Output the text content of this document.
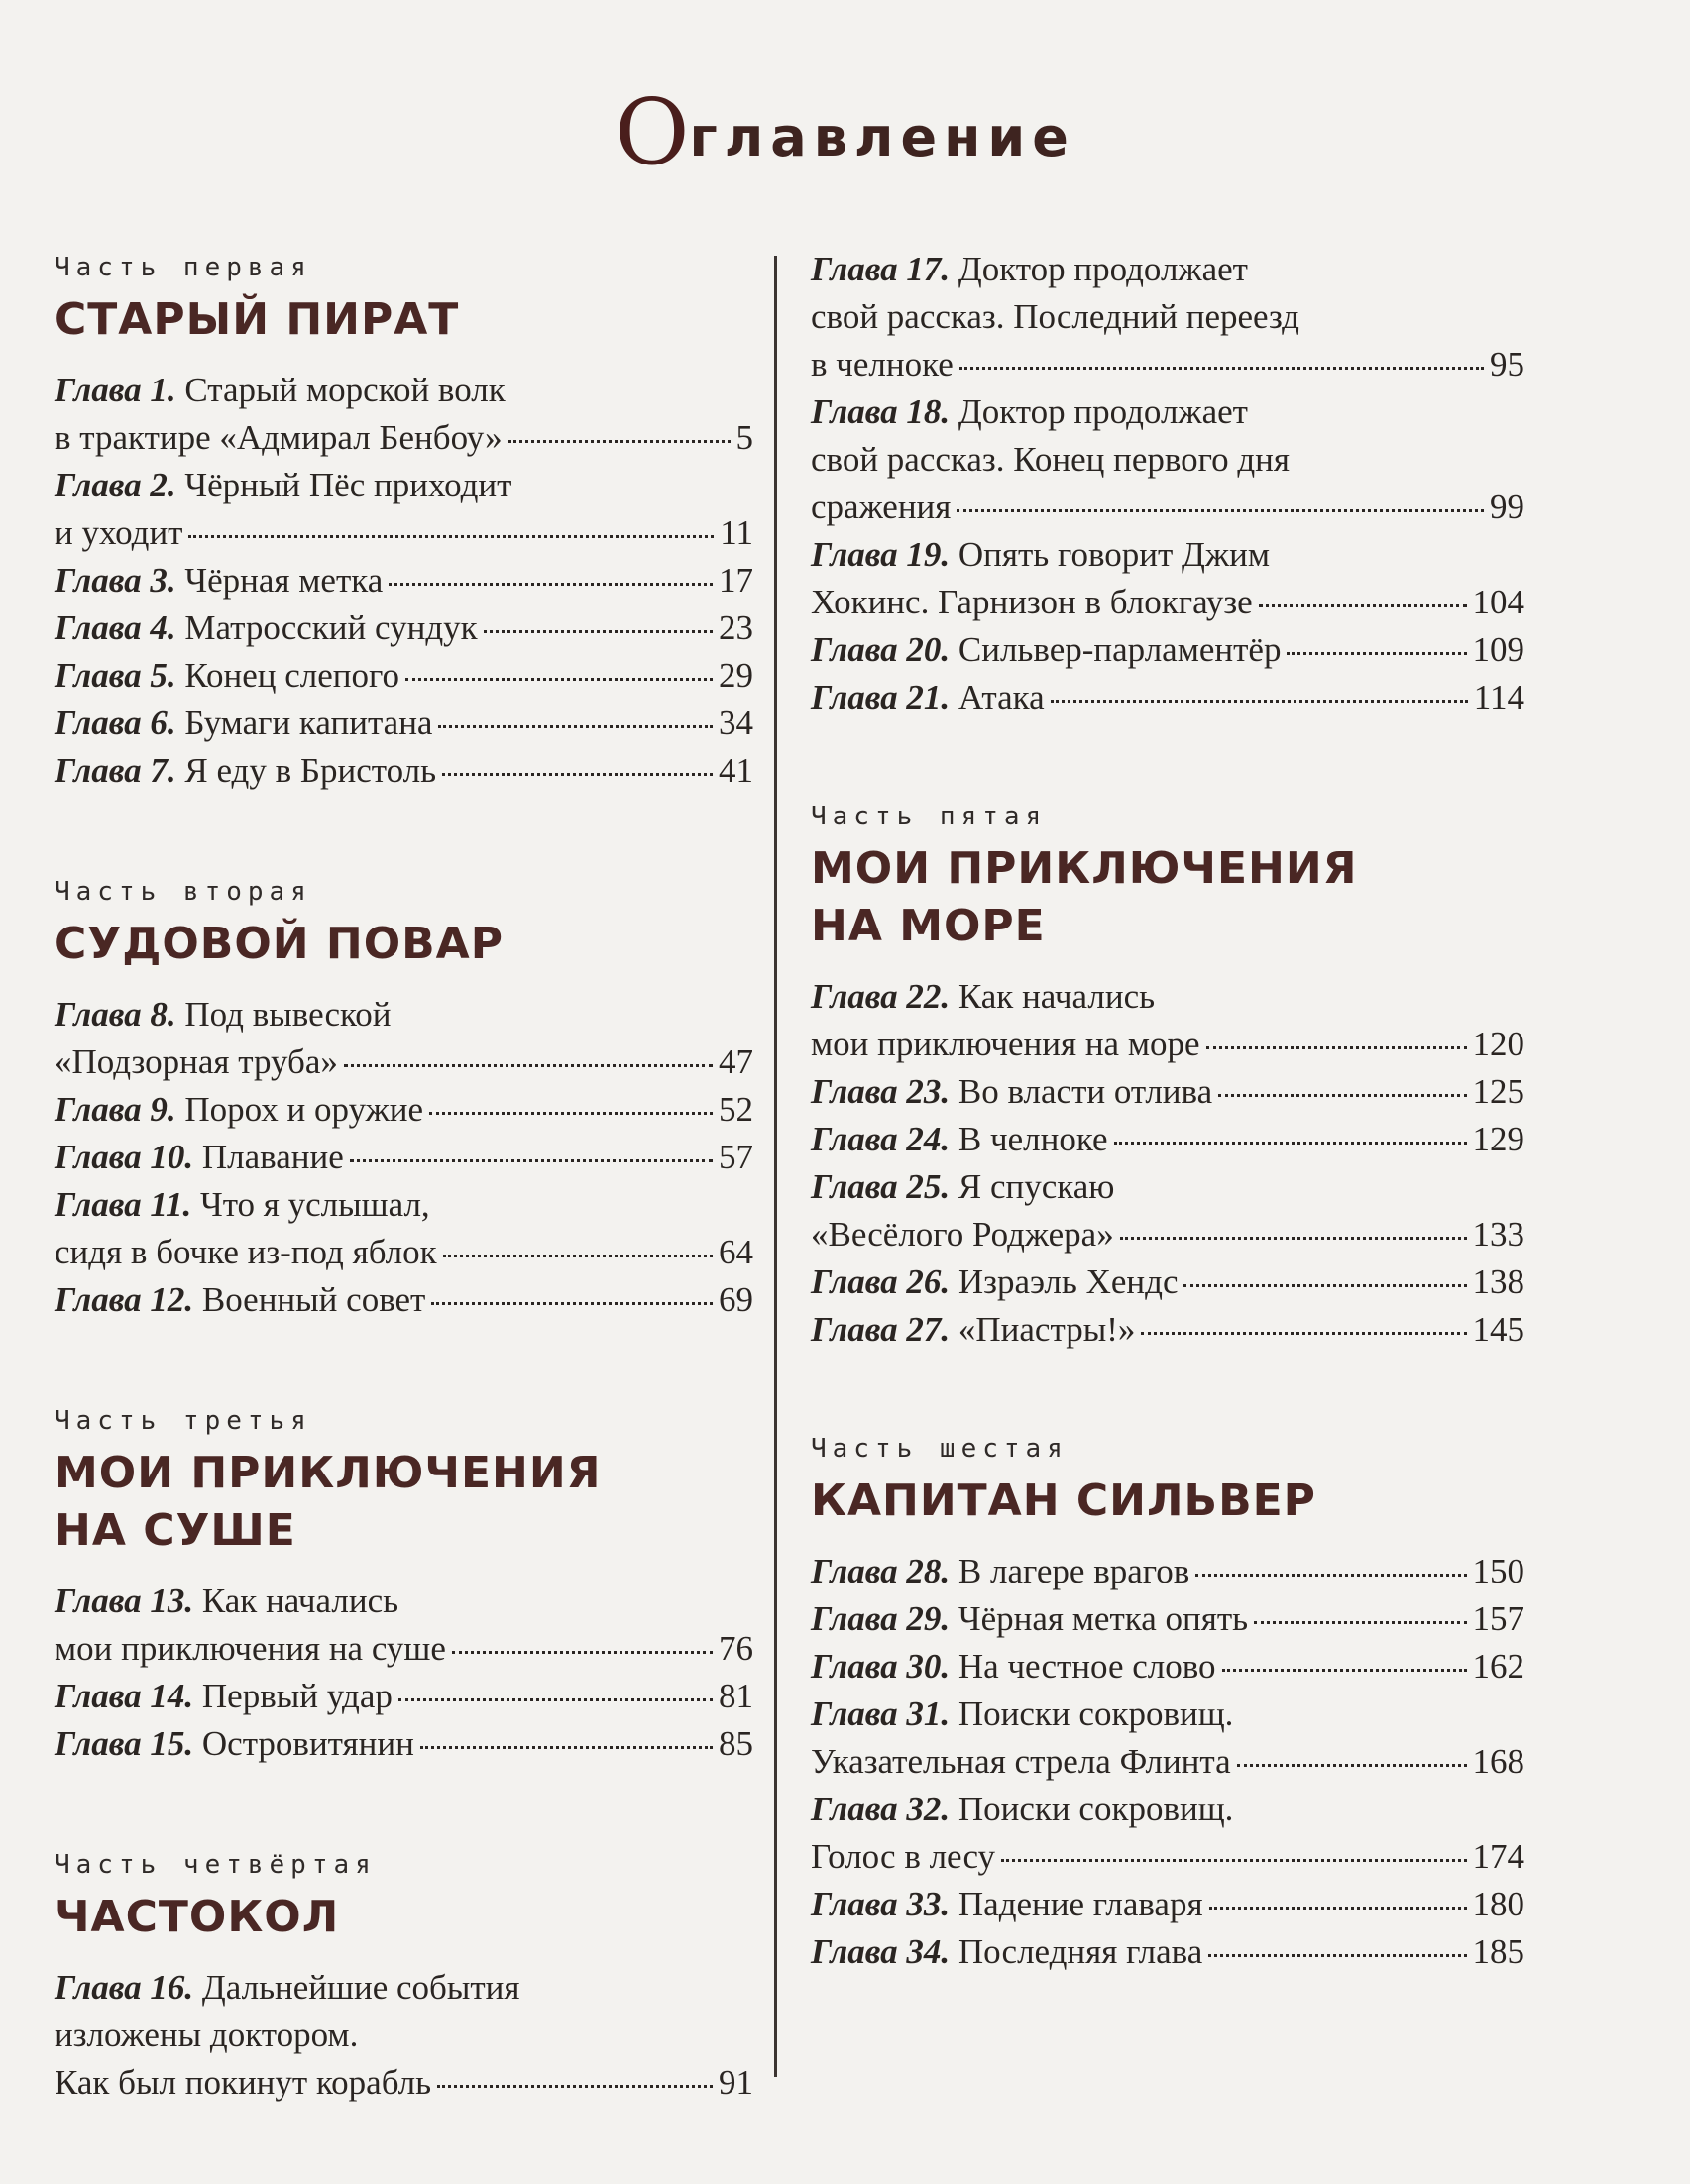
Оглавление
Часть первая
СТАРЫЙ ПИРАТ
Глава 1. Старый морской волк
в трактире «Адмирал Бенбоу»	5
Глава 2. Чёрный Пёс приходит
и уходит	11
Глава 3. Чёрная метка	17
Глава 4. Матросский сундук	23
Глава 5. Конец слепого	29
Глава 6. Бумаги капитана	34
Глава 7. Я еду в Бристоль	41
Часть вторая
СУДОВОЙ ПОВАР
Глава 8. Под вывеской
«Подзорная труба»	47
Глава 9. Порох и оружие	52
Глава 10. Плавание	57
Глава 11. Что я услышал,
сидя в бочке из-под яблок	64
Глава 12. Военный совет	69
Часть третья
МОИ ПРИКЛЮЧЕНИЯ
НА СУШЕ
Глава 13. Как начались
мои приключения на суше	76
Глава 14. Первый удар	81
Глава 15. Островитянин	85
Часть четвёртая
ЧАСТОКОЛ
Глава 16. Дальнейшие события
изложены доктором.
Как был покинут корабль	91
Глава 17. Доктор продолжает
свой рассказ. Последний переезд
в челноке	95
Глава 18. Доктор продолжает
свой рассказ. Конец первого дня
сражения	99
Глава 19. Опять говорит Джим
Хокинс. Гарнизон в блокгаузе	104
Глава 20. Сильвер-парламентёр	109
Глава 21. Атака	114
Часть пятая
МОИ ПРИКЛЮЧЕНИЯ
НА МОРЕ
Глава 22. Как начались
мои приключения на море	120
Глава 23. Во власти отлива	125
Глава 24. В челноке	129
Глава 25. Я спускаю
«Весёлого Роджера»	133
Глава 26. Израэль Хендс	138
Глава 27. «Пиастры!»	145
Часть шестая
КАПИТАН СИЛЬВЕР
Глава 28. В лагере врагов	150
Глава 29. Чёрная метка опять	157
Глава 30. На честное слово	162
Глава 31. Поиски сокровищ.
Указательная стрела Флинта	168
Глава 32. Поиски сокровищ.
Голос в лесу	174
Глава 33. Падение главаря	180
Глава 34. Последняя глава	185
